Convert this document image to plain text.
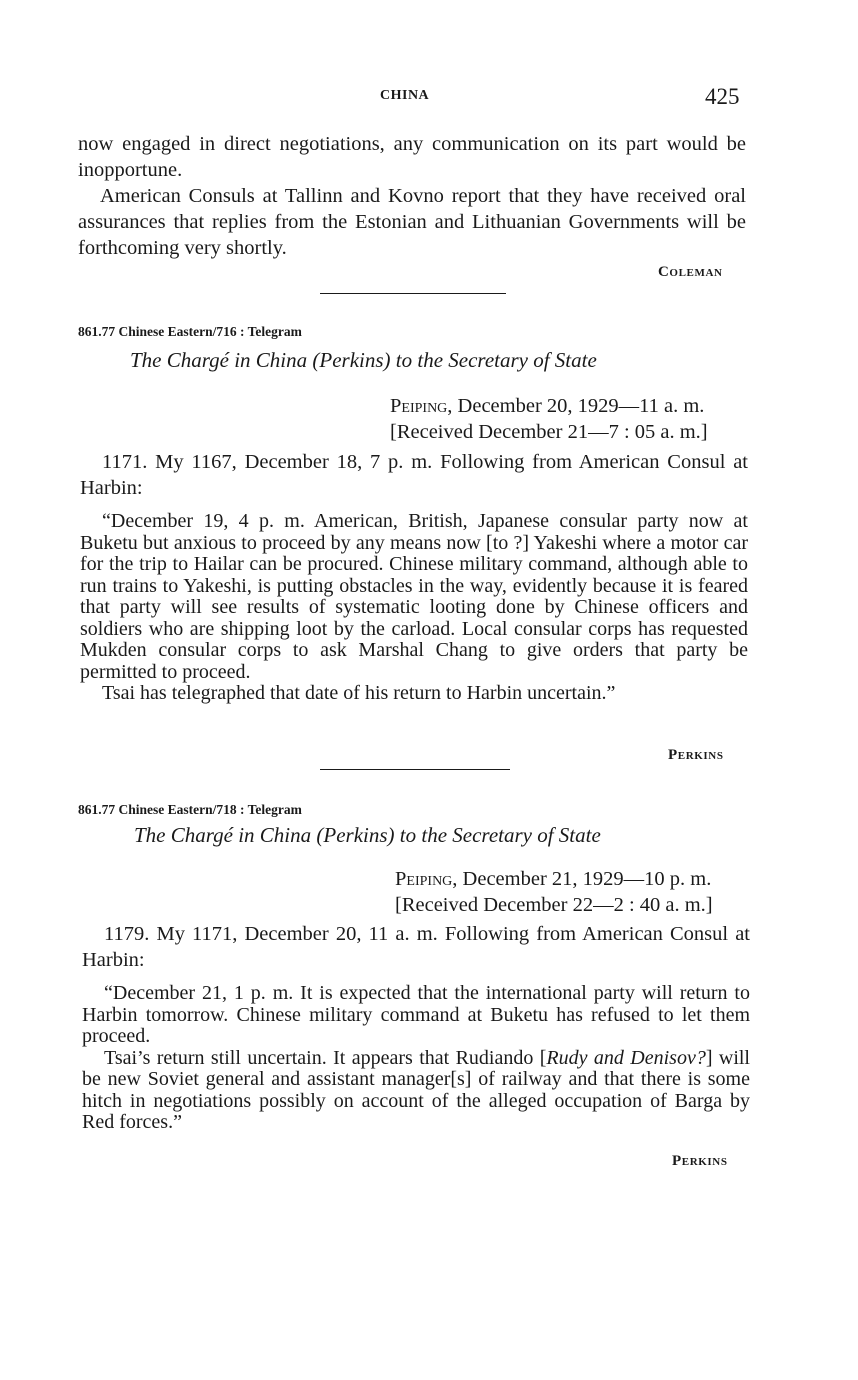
CHINA	425

now engaged in direct negotiations, any communication on its part would be inopportune.

American Consuls at Tallinn and Kovno report that they have received oral assurances that replies from the Estonian and Lithuanian Governments will be forthcoming very shortly.

Coleman
861.77 Chinese Eastern/716 : Telegram
The Chargé in China (Perkins) to the Secretary of State
Peiping, December 20, 1929—11 a. m.
[Received December 21—7 : 05 a. m.]

1171. My 1167, December 18, 7 p. m. Following from American Consul at Harbin:

“December 19, 4 p. m. American, British, Japanese consular party now at Buketu but anxious to proceed by any means now [to ?] Yakeshi where a motor car for the trip to Hailar can be procured. Chinese military command, although able to run trains to Yakeshi, is putting obstacles in the way, evidently because it is feared that party will see results of systematic looting done by Chinese officers and soldiers who are shipping loot by the carload. Local consular corps has requested Mukden consular corps to ask Marshal Chang to give orders that party be permitted to proceed.

Tsai has telegraphed that date of his return to Harbin uncertain.”

Perkins
861.77 Chinese Eastern/718 : Telegram
The Chargé in China (Perkins) to the Secretary of State
Peiping, December 21, 1929—10 p. m.
[Received December 22—2 : 40 a. m.]

1179. My 1171, December 20, 11 a. m. Following from American Consul at Harbin:

“December 21, 1 p. m. It is expected that the international party will return to Harbin tomorrow. Chinese military command at Buketu has refused to let them proceed.

Tsai’s return still uncertain. It appears that Rudiando [Rudy and Denisov?] will be new Soviet general and assistant manager[s] of railway and that there is some hitch in negotiations possibly on account of the alleged occupation of Barga by Red forces.”

Perkins
